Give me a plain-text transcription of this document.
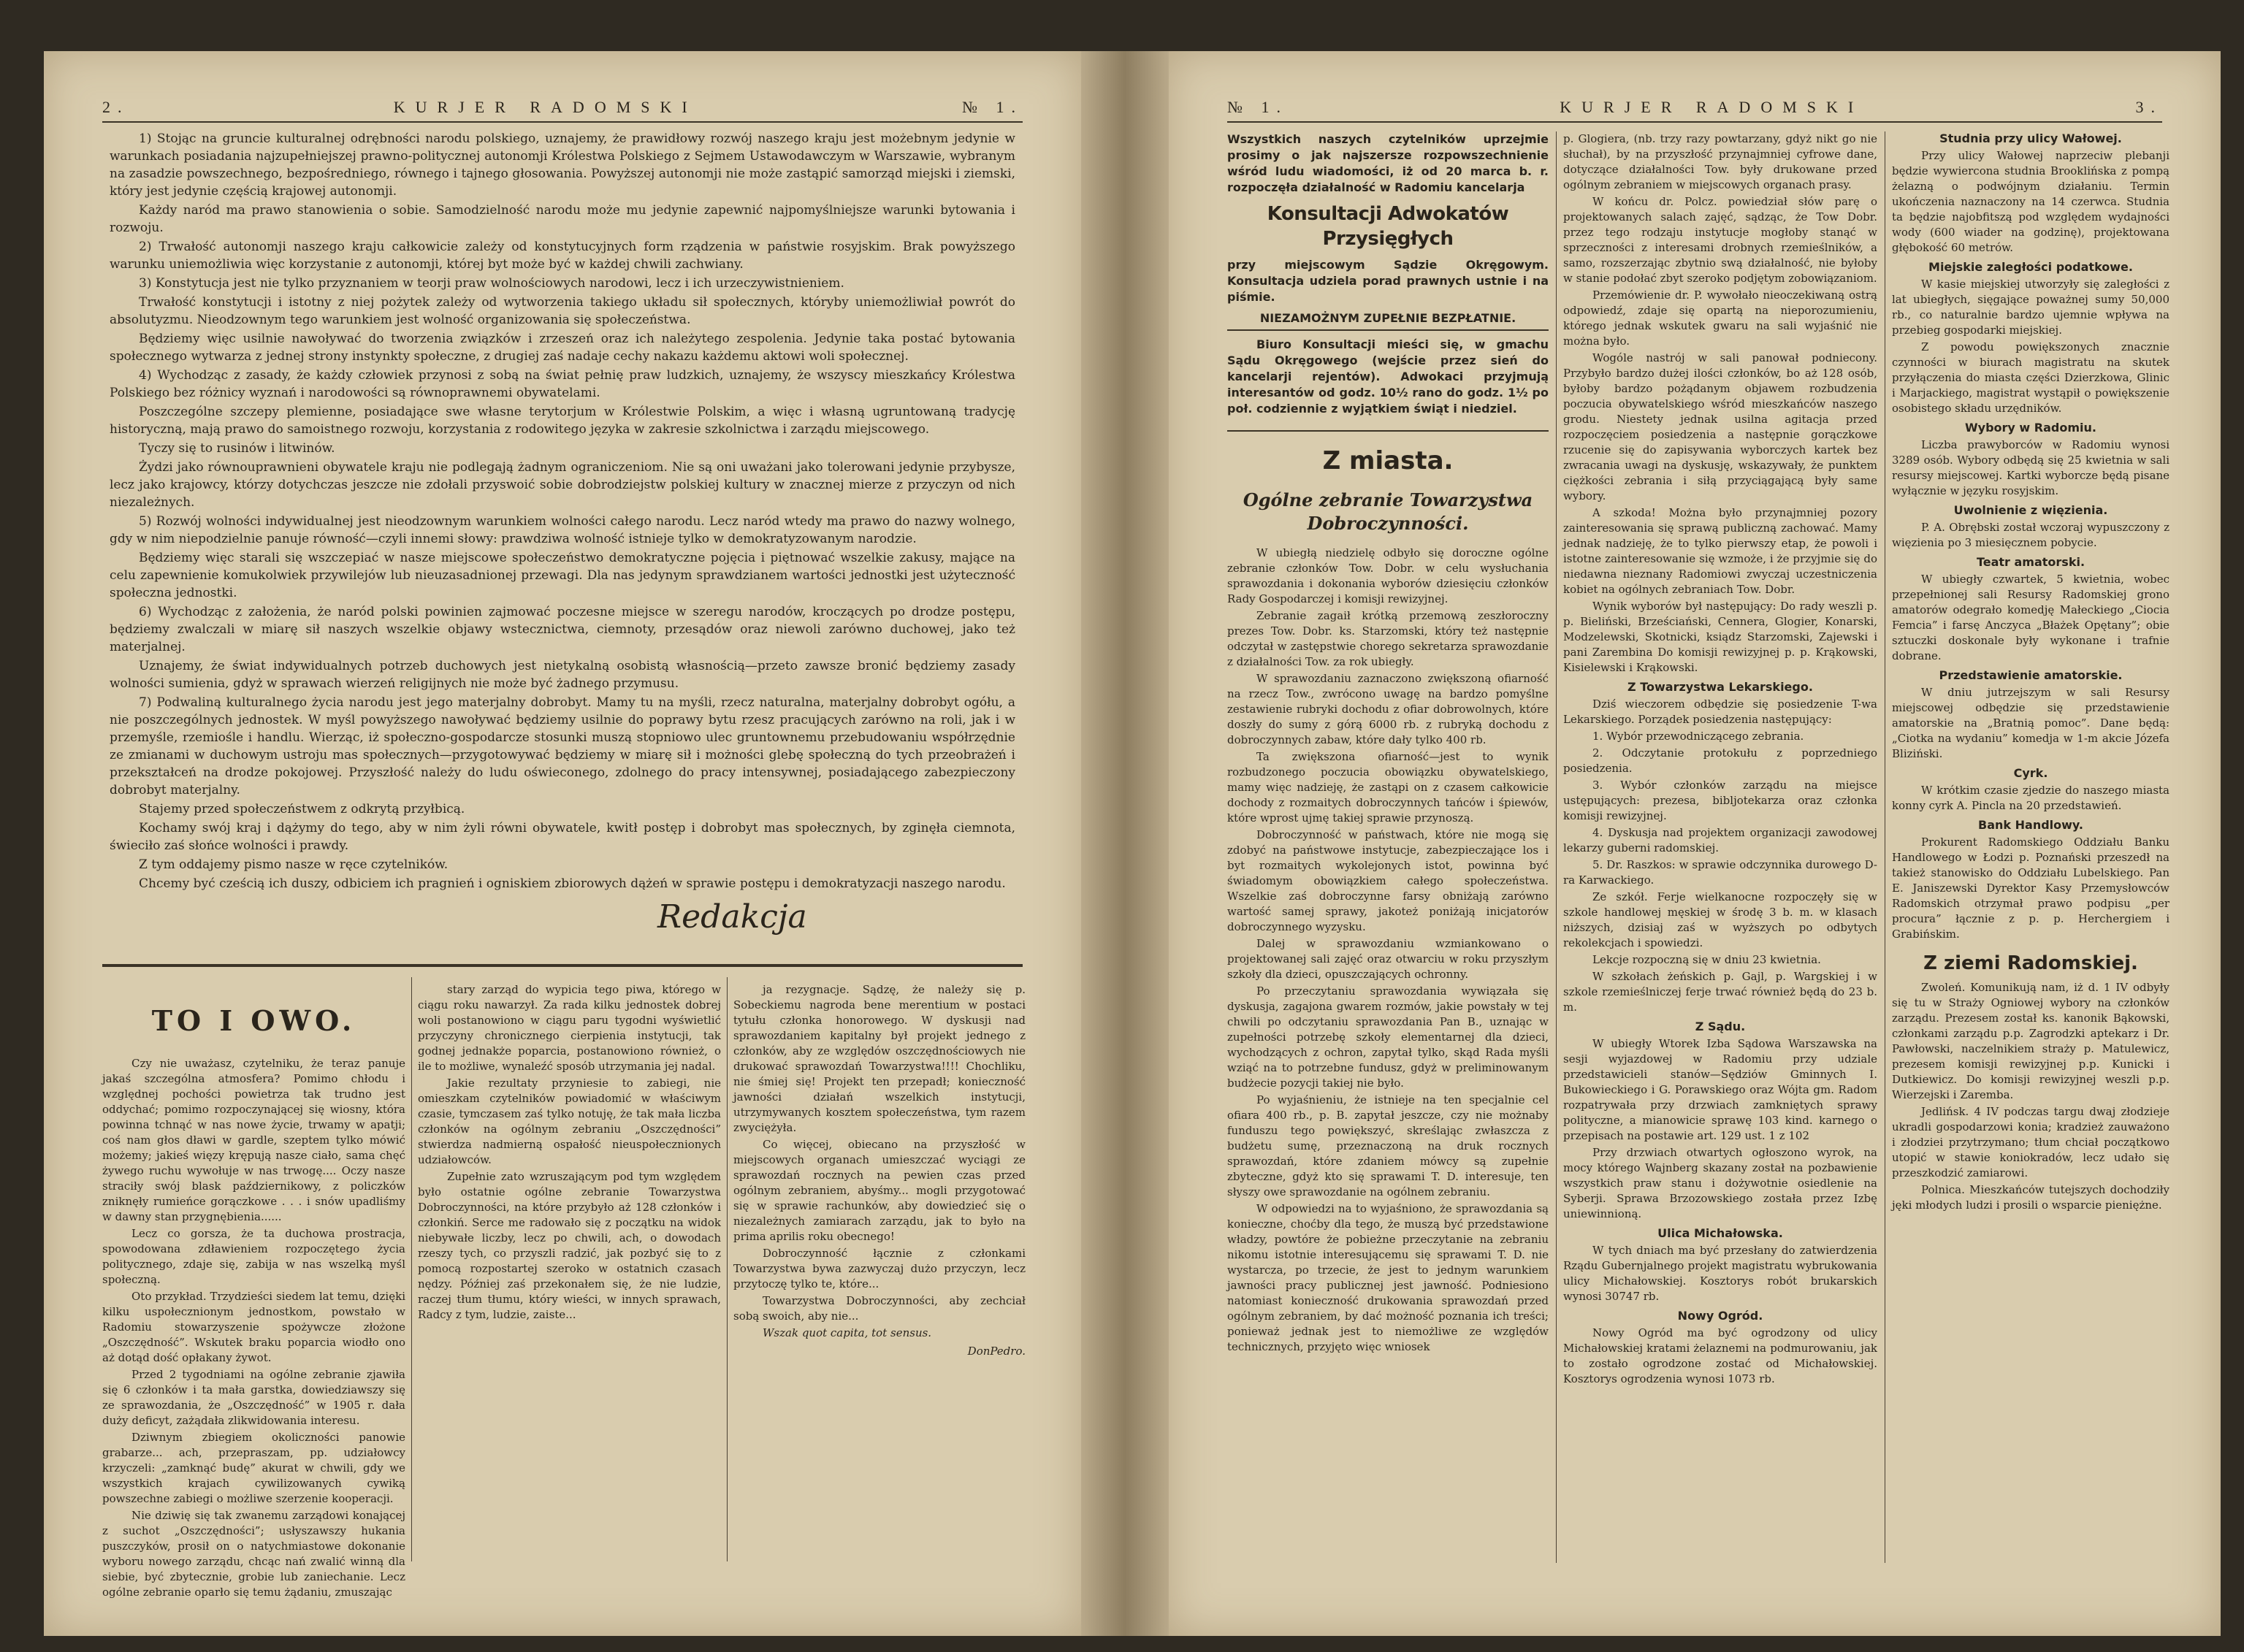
2.	KURJER RADOMSKI	№ 1.

1) Stojąc na gruncie kulturalnej odrębności narodu polskiego, uznajemy, że prawidłowy rozwój naszego kraju jest możebnym jedynie w warunkach posiadania najzupełniejszej prawno-politycznej autonomji Królestwa Polskiego z Sejmem Ustawodawczym w Warszawie, wybranym na zasadzie powszechnego, bezpośredniego, równego i tajnego głosowania. Powyższej autonomji nie może zastąpić samorząd miejski i ziemski, który jest jedynie częścią krajowej autonomji.

Każdy naród ma prawo stanowienia o sobie. Samodzielność narodu może mu jedynie zapewnić najpomyślniejsze warunki bytowania i rozwoju.

2) Trwałość autonomji naszego kraju całkowicie zależy od konstytucyjnych form rządzenia w państwie rosyjskim. Brak powyższego warunku uniemożliwia więc korzystanie z autonomji, której byt może być w każdej chwili zachwiany.

3) Konstytucja jest nie tylko przyznaniem w teorji praw wolnościowych narodowi, lecz i ich urzeczywistnieniem.

Trwałość konstytucji i istotny z niej pożytek zależy od wytworzenia takiego układu sił społecznych, któryby uniemożliwiał powrót do absolutyzmu. Nieodzownym tego warunkiem jest wolność organizowania się społeczeństwa.

Będziemy więc usilnie nawoływać do tworzenia związków i zrzeszeń oraz ich należytego zespolenia. Jedynie taka postać bytowania społecznego wytwarza z jednej strony instynkty społeczne, z drugiej zaś nadaje cechy nakazu każdemu aktowi woli społecznej.

4) Wychodząc z zasady, że każdy człowiek przynosi z sobą na świat pełnię praw ludzkich, uznajemy, że wszyscy mieszkańcy Królestwa Polskiego bez różnicy wyznań i narodowości są równoprawnemi obywatelami.

Poszczególne szczepy plemienne, posiadające swe własne terytorjum w Królestwie Polskim, a więc i własną ugruntowaną tradycję historyczną, mają prawo do samoistnego rozwoju, korzystania z rodowitego języka w zakresie szkolnictwa i zarządu miejscowego.

Tyczy się to rusinów i litwinów.

Żydzi jako równouprawnieni obywatele kraju nie podlegają żadnym ograniczeniom. Nie są oni uważani jako tolerowani jedynie przybysze, lecz jako krajowcy, którzy dotychczas jeszcze nie zdołali przyswoić sobie dobrodziejstw polskiej kultury w znacznej mierze z przyczyn od nich niezależnych.

5) Rozwój wolności indywidualnej jest nieodzownym warunkiem wolności całego narodu. Lecz naród wtedy ma prawo do nazwy wolnego, gdy w nim niepodzielnie panuje równość—czyli innemi słowy: prawdziwa wolność istnieje tylko w demokratyzowanym narodzie.

Będziemy więc starali się wszczepiać w nasze miejscowe społeczeństwo demokratyczne pojęcia i piętnować wszelkie zakusy, mające na celu zapewnienie komukolwiek przywilejów lub nieuzasadnionej przewagi. Dla nas jedynym sprawdzianem wartości jednostki jest użyteczność społeczna jednostki.

6) Wychodząc z założenia, że naród polski powinien zajmować poczesne miejsce w szeregu narodów, kroczących po drodze postępu, będziemy zwalczali w miarę sił naszych wszelkie objawy wstecznictwa, ciemnoty, przesądów oraz niewoli zarówno duchowej, jako też materjalnej.

Uznajemy, że świat indywidualnych potrzeb duchowych jest nietykalną osobistą własnością—przeto zawsze bronić będziemy zasady wolności sumienia, gdyż w sprawach wierzeń religijnych nie może być żadnego przymusu.

7) Podwaliną kulturalnego życia narodu jest jego materjalny dobrobyt. Mamy tu na myśli, rzecz naturalna, materjalny dobrobyt ogółu, a nie poszczególnych jednostek. W myśl powyższego nawoływać będziemy usilnie do poprawy bytu rzesz pracujących zarówno na roli, jak i w przemyśle, rzemiośle i handlu. Wierząc, iż społeczno-gospodarcze stosunki muszą stopniowo ulec gruntownemu przebudowaniu współrzędnie ze zmianami w duchowym ustroju mas społecznych—przygotowywać będziemy w miarę sił i możności glebę społeczną do tych przeobrażeń i przekształceń na drodze pokojowej. Przyszłość należy do ludu oświeconego, zdolnego do pracy intensywnej, posiadającego zabezpieczony dobrobyt materjalny.

Stajemy przed społeczeństwem z odkrytą przyłbicą.

Kochamy swój kraj i dążymy do tego, aby w nim żyli równi obywatele, kwitł postęp i dobrobyt mas społecznych, by zginęła ciemnota, świeciło zaś słońce wolności i prawdy.

Z tym oddajemy pismo nasze w ręce czytelników.

Chcemy być cześcią ich duszy, odbiciem ich pragnień i ogniskiem zbiorowych dążeń w sprawie postępu i demokratyzacji naszego narodu.

Redakcja
TO I OWO.

Czy nie uważasz, czytelniku, że teraz panuje jakaś szczególna atmosfera? Pomimo chłodu i względnej pochości powietrza tak trudno jest oddychać; pomimo rozpoczynającej się wiosny, która powinna tchnąć w nas nowe życie, trwamy w apatji; coś nam głos dławi w gardle, szeptem tylko mówić możemy; jakieś więzy krępują nasze ciało, sama chęć żywego ruchu wywołuje w nas trwogę.... Oczy nasze straciły swój blask październikowy, z policzków zniknęły rumieńce gorączkowe . . . i snów upadliśmy w dawny stan przygnębienia......

Lecz co gorsza, że ta duchowa prostracja, spowodowana zdławieniem rozpoczętego życia politycznego, zdaje się, zabija w nas wszelką myśl społeczną.

Oto przykład. Trzydzieści siedem lat temu, dzięki kilku uspołecznionym jednostkom, powstało w Radomiu stowarzyszenie spożywcze złożone „Oszczędność”. Wskutek braku poparcia wiodło ono aż dotąd dość opłakany żywot.

Przed 2 tygodniami na ogólne zebranie zjawiła się 6 członków i ta mała garstka, dowiedziawszy się ze sprawozdania, że „Oszczędność” w 1905 r. dała duży deficyt, zażądała zlikwidowania interesu.

Dziwnym zbiegiem okoliczności panowie grabarze... ach, przepraszam, pp. udziałowcy krzyczeli: „zamknąć budę” akurat w chwili, gdy we wszystkich krajach cywilizowanych cywiką powszechne zabiegi o możliwe szerzenie kooperacji.

Nie dziwię się tak zwanemu zarządowi konającej z suchot „Oszczędności”; usłyszawszy hukania puszczyków, prosił on o natychmiastowe dokonanie wyboru nowego zarządu, chcąc nań zwalić winną dla siebie, być zbytecznie, grobie lub zaniechanie. Lecz ogólne zebranie oparło się temu żądaniu, zmuszając

stary zarząd do wypicia tego piwa, którego w ciągu roku nawarzył. Za rada kilku jednostek dobrej woli postanowiono w ciągu paru tygodni wyświetlić przyczyny chronicznego cierpienia instytucji, tak godnej jednakże poparcia, postanowiono również, o ile to możliwe, wynaleźć sposób utrzymania jej nadal.

Jakie rezultaty przyniesie to zabiegi, nie omieszkam czytelników powiadomić w właściwym czasie, tymczasem zaś tylko notuję, że tak mała liczba członków na ogólnym zebraniu „Oszczędności” stwierdza nadmierną ospałość nieuspołecznionych udziałowców.

Zupełnie zato wzruszającym pod tym względem było ostatnie ogólne zebranie Towarzystwa Dobroczynności, na które przybyło aż 128 członków i członkiń. Serce me radowało się z początku na widok niebywałe liczby, lecz po chwili, ach, o dowodach rzeszy tych, co przyszli radzić, jak pozbyć się to z pomocą rozpostartej szeroko w ostatnich czasach nędzy. Później zaś przekonałem się, że nie ludzie, raczej tłum tłumu, który wieści, w innych sprawach, Radcy z tym, ludzie, zaiste...

ja rezygnacje. Sądzę, że należy się p. Sobeckiemu nagroda bene merentium w postaci tytułu członka honorowego. W dyskusji nad sprawozdaniem kapitalny był projekt jednego z członków, aby ze względów oszczędnościowych nie drukować sprawozdań Towarzystwa!!!! Chochliku, nie śmiej się! Projekt ten przepadł; konieczność jawności działań wszelkich instytucji, utrzymywanych kosztem społeczeństwa, tym razem zwyciężyła.

Co więcej, obiecano na przyszłość w miejscowych organach umieszczać wyciągi ze sprawozdań rocznych na pewien czas przed ogólnym zebraniem, abyśmy... mogli przygotować się w sprawie rachunków, aby dowiedzieć się o niezależnych zamiarach zarządu, jak to było na prima aprilis roku obecnego!

Dobroczynność łącznie z członkami Towarzystwa bywa zazwyczaj dużo przyczyn, lecz przytoczę tylko te, które...

Towarzystwa Dobroczynności, aby zechciał sobą swoich, aby nie...

Wszak quot capita, tot sensus.

DonPedro.

№ 1.	KURJER RADOMSKI	3.

Wszystkich naszych czytelników uprzejmie prosimy o jak najszersze rozpowszechnienie wśród ludu wiadomości, iż od 20 marca b. r. rozpoczęła działalność w Radomiu kancelarja

Konsultacji Adwokatów Przysięgłych

przy miejscowym Sądzie Okręgowym. Konsultacja udziela porad prawnych ustnie i na piśmie.

NIEZAMOŻNYM ZUPEŁNIE BEZPŁATNIE.

Biuro Konsultacji mieści się, w gmachu Sądu Okręgowego (wejście przez sień do kancelarji rejentów). Adwokaci przyjmują interesantów od godz. 10½ rano do godz. 1½ po poł. codziennie z wyjątkiem świąt i niedziel.

Z miasta.
Ogólne zebranie Towarzystwa Dobroczynności.

W ubiegłą niedzielę odbyło się doroczne ogólne zebranie członków Tow. Dobr. w celu wysłuchania sprawozdania i dokonania wyborów dziesięciu członków Rady Gospodarczej i komisji rewizyjnej.

Zebranie zagaił krótką przemową zeszłoroczny prezes Tow. Dobr. ks. Starzomski, który też następnie odczytał w zastępstwie chorego sekretarza sprawozdanie z działalności Tow. za rok ubiegły.

W sprawozdaniu zaznaczono zwiększoną ofiarność na rzecz Tow., zwrócono uwagę na bardzo pomyślne zestawienie rubryki dochodu z ofiar dobrowolnych, które doszły do sumy z górą 6000 rb. z rubryką dochodu z dobroczynnych zabaw, które dały tylko 400 rb.

Ta zwiększona ofiarność—jest to wynik rozbudzonego poczucia obowiązku obywatelskiego, mamy więc nadzieję, że zastąpi on z czasem całkowicie dochody z rozmaitych dobroczynnych tańców i śpiewów, które wprost ujmę takiej sprawie przynoszą.

Dobroczynność w państwach, które nie mogą się zdobyć na państwowe instytucje, zabezpieczające los i byt rozmaitych wykolejonych istot, powinna być świadomym obowiązkiem całego społeczeństwa. Wszelkie zaś dobroczynne farsy obniżają zarówno wartość samej sprawy, jakoteż poniżają inicjatorów dobroczynnego wyzysku.

Dalej w sprawozdaniu wzmiankowano o projektowanej sali zajęć oraz otwarciu w roku przyszłym szkoły dla dzieci, opuszczających ochronny.

Po przeczytaniu sprawozdania wywiązała się dyskusja, zagajona gwarem rozmów, jakie powstały w tej chwili po odczytaniu sprawozdania Pan B., uznając w zupełności potrzebę szkoły elementarnej dla dzieci, wychodzących z ochron, zapytał tylko, skąd Rada myśli wziąć na to potrzebne fundusz, gdyż w preliminowanym budżecie pozycji takiej nie było.

Po wyjaśnieniu, że istnieje na ten specjalnie cel ofiara 400 rb., p. B. zapytał jeszcze, czy nie możnaby funduszu tego powiększyć, skreślając zwłaszcza z budżetu sumę, przeznaczoną na druk rocznych sprawozdań, które zdaniem mówcy są zupełnie zbyteczne, gdyż kto się sprawami T. D. interesuje, ten słyszy owe sprawozdanie na ogólnem zebraniu.

W odpowiedzi na to wyjaśniono, że sprawozdania są konieczne, choćby dla tego, że muszą być przedstawione władzy, powtóre że pobieżne przeczytanie na zebraniu nikomu istotnie interesującemu się sprawami T. D. nie wystarcza, po trzecie, że jest to jednym warunkiem jawności pracy publicznej jest jawność. Podniesiono natomiast konieczność drukowania sprawozdań przed ogólnym zebraniem, by dać możność poznania ich treści; ponieważ jednak jest to niemożliwe ze względów technicznych, przyjęto więc wniosek

p. Glogiera, (nb. trzy razy powtarzany, gdyż nikt go nie słuchał), by na przyszłość przynajmniej cyfrowe dane, dotyczące działalności Tow. były drukowane przed ogólnym zebraniem w miejscowych organach prasy.

W końcu dr. Polcz. powiedział słów parę o projektowanych salach zajęć, sądząc, że Tow Dobr. przez tego rodzaju instytucje mogłoby stanąć w sprzeczności z interesami drobnych rzemieślników, a samo, rozszerzając zbytnio swą działalność, nie byłoby w stanie podołać zbyt szeroko podjętym zobowiązaniom.

Przemówienie dr. P. wywołało nieoczekiwaną ostrą odpowiedź, zdaje się opartą na nieporozumieniu, którego jednak wskutek gwaru na sali wyjaśnić nie można było.

Wogóle nastrój w sali panował podniecony. Przybyło bardzo dużej ilości członków, bo aż 128 osób, byłoby bardzo pożądanym objawem rozbudzenia poczucia obywatelskiego wśród mieszkańców naszego grodu. Niestety jednak usilna agitacja przed rozpoczęciem posiedzenia a następnie gorączkowe rzucenie się do zapisywania wyborczych kartek bez zwracania uwagi na dyskusję, wskazywały, że punktem ciężkości zebrania i siłą przyciągającą były same wybory.

A szkoda! Można było przynajmniej pozory zainteresowania się sprawą publiczną zachować. Mamy jednak nadzieję, że to tylko pierwszy etap, że powoli i istotne zainteresowanie się wzmoże, i że przyjmie się do niedawna nieznany Radomiowi zwyczaj uczestniczenia kobiet na ogólnych zebraniach Tow. Dobr.

Wynik wyborów był następujący: Do rady weszli p. p. Bieliński, Brześciański, Cennera, Glogier, Konarski, Modzelewski, Skotnicki, ksiądz Starzomski, Zajewski i pani Zarembina Do komisji rewizyjnej p. p. Krąkowski, Kisielewski i Krąkowski.

Z Towarzystwa Lekarskiego.

Dziś wieczorem odbędzie się posiedzenie T-wa Lekarskiego. Porządek posiedzenia następujący:

1. Wybór przewodniczącego zebrania.

2. Odczytanie protokułu z poprzedniego posiedzenia.

3. Wybór członków zarządu na miejsce ustępujących: prezesa, bibljotekarza oraz członka komisji rewizyjnej.

4. Dyskusja nad projektem organizacji zawodowej lekarzy guberni radomskiej.

5. Dr. Raszkos: w sprawie odczynnika durowego D-ra Karwackiego.

Ze szkół. Ferje wielkanocne rozpoczęły się w szkole handlowej męskiej w środę 3 b. m. w klasach niższych, dzisiaj zaś w wyższych po odbytych rekolekcjach i spowiedzi.

Lekcje rozpoczną się w dniu 23 kwietnia.

W szkołach żeńskich p. Gajl, p. Wargskiej i w szkole rzemieślniczej ferje trwać również będą do 23 b. m.

Z Sądu.

W ubiegły Wtorek Izba Sądowa Warszawska na sesji wyjazdowej w Radomiu przy udziale przedstawicieli stanów—Sędziów Gminnych I. Bukowieckiego i G. Porawskiego oraz Wójta gm. Radom rozpatrywała przy drzwiach zamkniętych sprawy polityczne, a mianowicie sprawę 103 kind. karnego o przepisach na postawie art. 129 ust. 1 z 102

Przy drzwiach otwartych ogłoszono wyrok, na mocy którego Wajnberg skazany został na pozbawienie wszystkich praw stanu i dożywotnie osiedlenie na Syberji. Sprawa Brzozowskiego została przez Izbę uniewinnioną.

Ulica Michałowska.

W tych dniach ma być przesłany do zatwierdzenia Rządu Gubernjalnego projekt magistratu wybrukowania ulicy Michałowskiej. Kosztorys robót brukarskich wynosi 30747 rb.

Nowy Ogród.

Nowy Ogród ma być ogrodzony od ulicy Michałowskiej kratami żelaznemi na podmurowaniu, jak to zostało ogrodzone zostać od Michałowskiej. Kosztorys ogrodzenia wynosi 1073 rb.

Studnia przy ulicy Wałowej.

Przy ulicy Wałowej naprzeciw plebanji będzie wywiercona studnia Brooklińska z pompą żelazną o podwójnym działaniu. Termin ukończenia naznaczony na 14 czerwca. Studnia ta będzie najobfitszą pod względem wydajności wody (600 wiader na godzinę), projektowana głębokość 60 metrów.

Miejskie zaległości podatkowe.

W kasie miejskiej utworzyły się zaległości z lat ubiegłych, sięgające poważnej sumy 50,000 rb., co naturalnie bardzo ujemnie wpływa na przebieg gospodarki miejskiej.

Z powodu powiększonych znacznie czynności w biurach magistratu na skutek przyłączenia do miasta części Dzierzkowa, Glinic i Marjackiego, magistrat wystąpił o powiększenie osobistego składu urzędników.

Wybory w Radomiu.

Liczba prawyborców w Radomiu wynosi 3289 osób. Wybory odbędą się 25 kwietnia w sali resursy miejscowej. Kartki wyborcze będą pisane wyłącznie w języku rosyjskim.

Uwolnienie z więzienia.

P. A. Obrębski został wczoraj wypuszczony z więzienia po 3 miesięcznem pobycie.

Teatr amatorski.

W ubiegły czwartek, 5 kwietnia, wobec przepełnionej sali Resursy Radomskiej grono amatorów odegrało komedję Małeckiego „Ciocia Femcia” i farsę Anczyca „Błażek Opętany”; obie sztuczki doskonale były wykonane i trafnie dobrane.

Przedstawienie amatorskie.

W dniu jutrzejszym w sali Resursy miejscowej odbędzie się przedstawienie amatorskie na „Bratnią pomoc”. Dane będą: „Ciotka na wydaniu” komedja w 1-m akcie Józefa Bliziński.

Cyrk.

W krótkim czasie zjedzie do naszego miasta konny cyrk A. Pincla na 20 przedstawień.

Bank Handlowy.

Prokurent Radomskiego Oddziału Banku Handlowego w Łodzi p. Poznański przeszedł na takież stanowisko do Oddziału Lubelskiego. Pan E. Janiszewski Dyrektor Kasy Przemysłowców Radomskich otrzymał prawo podpisu „per procura” łącznie z p. p. Herchergiem i Grabińskim.

Z ziemi Radomskiej.

Zwoleń. Komunikują nam, iż d. 1 IV odbyły się tu w Straży Ogniowej wybory na członków zarządu. Prezesem został ks. kanonik Bąkowski, członkami zarządu p.p. Zagrodzki aptekarz i Dr. Pawłowski, naczelnikiem straży p. Matulewicz, prezesem komisji rewizyjnej p.p. Kunicki i Dutkiewicz. Do komisji rewizyjnej weszli p.p. Wierzejski i Zaremba.

Jedlińsk. 4 IV podczas targu dwaj złodzieje ukradli gospodarzowi konia; kradzież zauważono i złodziei przytrzymano; tłum chciał początkowo utopić w stawie koniokradów, lecz udało się przeszkodzić zamiarowi.

Polnica. Mieszkańców tutejszych dochodziły jęki młodych ludzi i prosili o wsparcie pieniężne.
